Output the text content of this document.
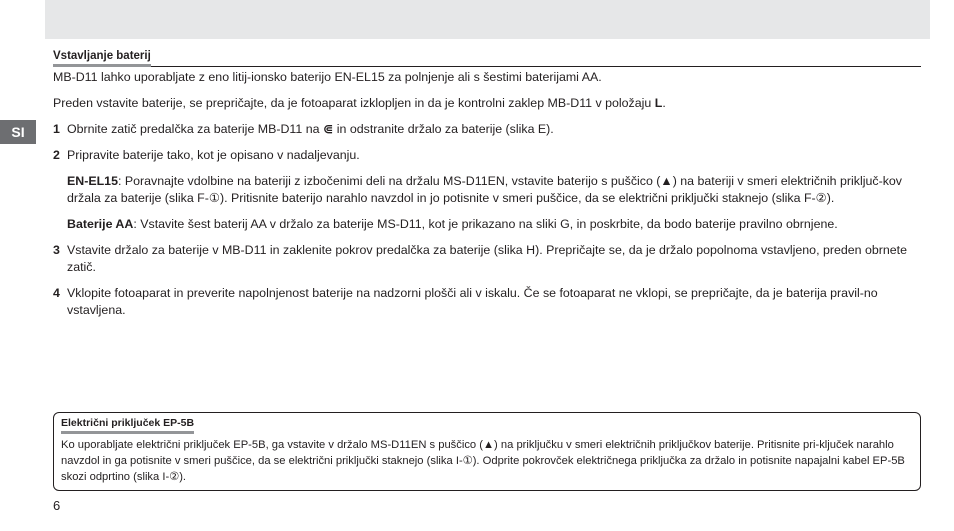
SI
Vstavljanje baterij

MB-D11 lahko uporabljate z eno litij-ionsko baterijo EN-EL15 za polnjenje ali s šestimi baterijami AA.

Preden vstavite baterije, se prepričajte, da je fotoaparat izklopljen in da je kontrolni zaklep MB-D11 v položaju L.

1 Obrnite zatič predalčka za baterije MB-D11 na ⋐ in odstranite držalo za baterije (slika E).
2 Pripravite baterije tako, kot je opisano v nadaljevanju.

EN-EL15: Poravnajte vdolbine na bateriji z izbočenimi deli na držalu MS-D11EN, vstavite baterijo s puščico (▲) na bateriji v smeri električnih priključ-kov držala za baterije (slika F-①). Pritisnite baterijo narahlo navzdol in jo potisnite v smeri puščice, da se električni priključki staknejo (slika F-②).

Baterije AA: Vstavite šest baterij AA v držalo za baterije MS-D11, kot je prikazano na sliki G, in poskrbite, da bodo baterije pravilno obrnjene.

3 Vstavite držalo za baterije v MB-D11 in zaklenite pokrov predalčka za baterije (slika H). Prepričajte se, da je držalo popolnoma vstavljeno, preden obrnete zatič.
4 Vklopite fotoaparat in preverite napolnjenost baterije na nadzorni plošči ali v iskalu. Če se fotoaparat ne vklopi, se prepričajte, da je baterija pravil-no vstavljena.
Električni priključek EP-5B

Ko uporabljate električni priključek EP-5B, ga vstavite v držalo MS-D11EN s puščico (▲) na priključku v smeri električnih priključkov baterije. Pritisnite pri-ključek narahlo navzdol in ga potisnite v smeri puščice, da se električni priključki staknejo (slika I-①). Odprite pokrovček električnega priključka za držalo in potisnite napajalni kabel EP-5B skozi odprtino (slika I-②).

6
